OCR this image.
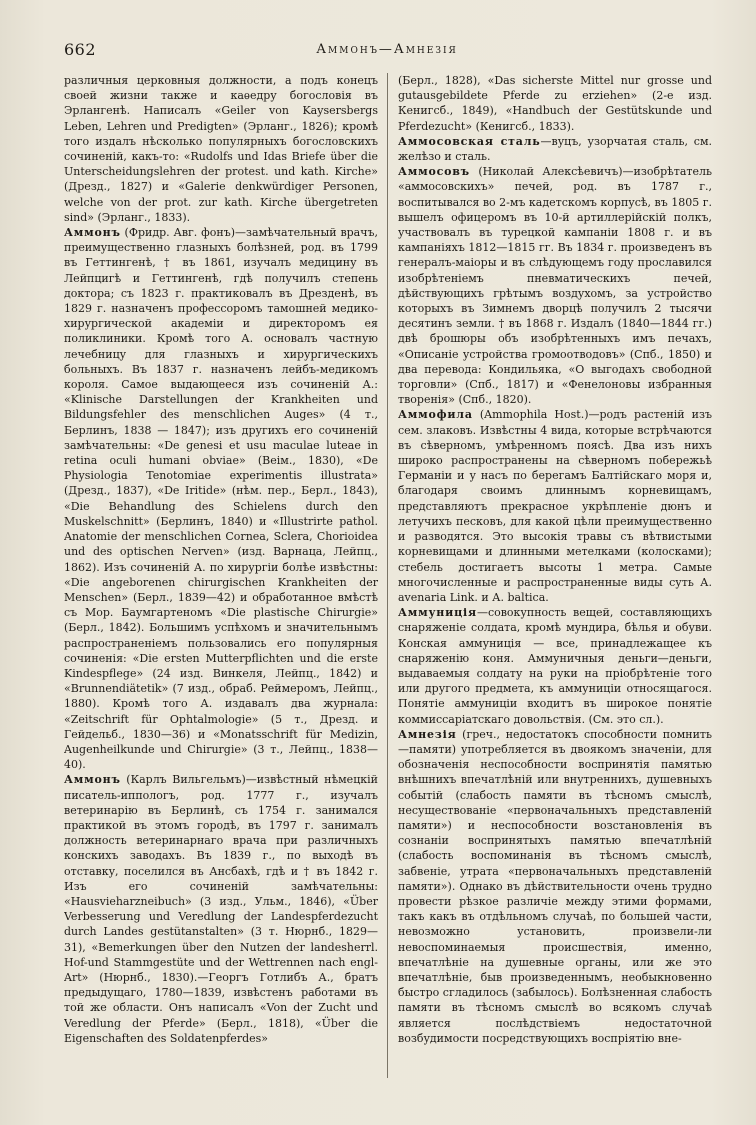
662	Аммонъ—Амнезія

различныя церковныя должности, а подъ конецъ своей жизни также и каѳедру богословія въ Эрлангенѣ. Написалъ «Geiler von Kaysersbergs Leben, Lehren und Predigten» (Эрланг., 1826); кромѣ того издалъ нѣсколько популярныхъ богословскихъ сочиненій, какъ-то: «Rudolfs und Idas Briefe über die Unterscheidungslehren der protest. und kath. Kirche» (Дрезд., 1827) и «Galerie denkwürdiger Personen, welche von der prot. zur kath. Kirche übergetreten sind» (Эрланг., 1833).

Аммонъ (Фридр. Авг. фонъ)—замѣчательный врачъ, преимущественно глазныхъ болѣзней, род. въ 1799 въ Геттингенѣ, † въ 1861, изучалъ медицину въ Лейпцигѣ и Геттингенѣ, гдѣ получилъ степень доктора; съ 1823 г. практиковалъ въ Дрезденѣ, въ 1829 г. назначенъ профессоромъ тамошней медико-хирургической академіи и директоромъ ея поликлиники. Кромѣ того А. основалъ частную лечебницу для глазныхъ и хирургическихъ больныхъ. Въ 1837 г. назначенъ лейбъ-медикомъ короля. Самое выдающееся изъ сочиненій А.: «Klinische Darstellungen der Krankheiten und Bildungsfehler des menschlichen Auges» (4 т., Берлинъ, 1838 — 1847); изъ другихъ его сочиненій замѣчательны: «De genesi et usu maculae luteae in retina oculi humani obviae» (Веім., 1830), «De Physiologia Tenotomiae experimentis illustrata» (Дрезд., 1837), «De Iritide» (нѣм. пер., Берл., 1843), «Die Behandlung des Schielens durch den Muskelschnitt» (Берлинъ, 1840) и «Illustrirte pathol. Anatomie der menschlichen Cornea, Sclera, Chorioidea und des optischen Nerven» (изд. Варнаца, Лейпц., 1862). Изъ сочиненій А. по хирургіи болѣе извѣстны: «Die angeborenen chirurgischen Krankheiten der Menschen» (Берл., 1839—42) и обработанное вмѣстѣ съ Мор. Баумгартеномъ «Die plastische Chirurgie» (Берл., 1842). Большимъ успѣхомъ и значительнымъ распространеніемъ пользовались его популярныя сочиненія: «Die ersten Mutterpflichten und die erste Kindespflege» (24 изд. Винкеля, Лейпц., 1842) и «Brunnendiätetik» (7 изд., обраб. Реймеромъ, Лейпц., 1880). Кромѣ того А. издавалъ два журнала: «Zeitschrift für Ophtalmologie» (5 т., Дрезд. и Гейдельб., 1830—36) и «Monatsschrift für Medizin, Augenheilkunde und Chirurgie» (3 т., Лейпц., 1838—40).

Аммонъ (Карлъ Вильгельмъ)—извѣстный нѣмецкій писатель-иппологъ, род. 1777 г., изучалъ ветеринарію въ Берлинѣ, съ 1754 г. занимался практикой въ этомъ городѣ, въ 1797 г. занималъ должность ветеринарнаго врача при различныхъ конскихъ заводахъ. Въ 1839 г., по выходѣ въ отставку, поселился въ Ансбахѣ, гдѣ и † въ 1842 г. Изъ его сочиненій замѣчательны: «Hausvieharzneibuch» (3 изд., Ульм., 1846), «Über Verbesserung und Veredlung der Landespferdezucht durch Landes gestütanstalten» (3 т. Нюрнб., 1829—31), «Bemerkungen über den Nutzen der landesherrl. Hof-und Stammgestüte und der Wettrennen nach engl-Art» (Нюрнб., 1830).—Георгъ Готлибъ А., братъ предыдущаго, 1780—1839, извѣстенъ работами въ той же области. Онъ написалъ «Von der Zucht und Veredlung der Pferde» (Берл., 1818), «Über die Eigenschaften des Soldatenpferdes»

(Берл., 1828), «Das sicherste Mittel nur grosse und gutausgebildete Pferde zu erziehen» (2-е изд. Кенигсб., 1849), «Handbuch der Gestütskunde und Pferdezucht» (Кенигсб., 1833).

Аммосовская сталь—вуцъ, узорчатая сталь, см. желѣзо и сталь.

Аммосовъ (Николай Алексѣевичъ)—изобрѣтатель «аммосовскихъ» печей, род. въ 1787 г., воспитывался во 2-мъ кадетскомъ корпусѣ, въ 1805 г. вышелъ офицеромъ въ 10-й артиллерійскій полкъ, участвовалъ въ турецкой кампаніи 1808 г. и въ кампаніяхъ 1812—1815 гг. Въ 1834 г. произведенъ въ генералъ-маіоры и въ слѣдующемъ году прославился изобрѣтеніемъ пневматическихъ печей, дѣйствующихъ грѣтымъ воздухомъ, за устройство которыхъ въ Зимнемъ дворцѣ получилъ 2 тысячи десятинъ земли. † въ 1868 г. Издалъ (1840—1844 гг.) двѣ брошюры объ изобрѣтенныхъ имъ печахъ, «Описаніе устройства громоотводовъ» (Спб., 1850) и два перевода: Кондильяка, «О выгодахъ свободной торговли» (Спб., 1817) и «Фенелоновы избранныя творенія» (Спб., 1820).

Аммофила (Ammophila Host.)—родъ растеній изъ сем. злаковъ. Извѣстны 4 вида, которые встрѣчаются въ сѣверномъ, умѣренномъ поясѣ. Два изъ нихъ широко распространены на сѣверномъ побережьѣ Германіи и у насъ по берегамъ Балтійскаго моря и, благодаря своимъ длиннымъ корневищамъ, представляютъ прекрасное укрѣпленіе дюнъ и летучихъ песковъ, для какой цѣли преимущественно и разводятся. Это высокія травы съ вѣтвистыми корневищами и длинными метелками (колосками); стебель достигаетъ высоты 1 метра. Самые многочисленные и распространенные виды суть А. avenaria Link. и А. baltica.

Аммуниція—совокупность вещей, составляющихъ снаряженіе солдата, кромѣ мундира, бѣлья и обуви. Конская аммуниція — все, принадлежащее къ снаряженію коня. Аммуничныя деньги—деньги, выдаваемыя солдату на руки на пріобрѣтеніе того или другого предмета, къ аммуниціи относящагося. Понятіе аммуниціи входитъ въ широкое понятіе коммиссаріатскаго довольствія. (См. это сл.).

Амнезія (греч., недостатокъ способности помнить—памяти) употребляется въ двоякомъ значеніи, для обозначенія неспособности воспринятія памятью внѣшнихъ впечатлѣній или внутреннихъ, душевныхъ событій (слабость памяти въ тѣсномъ смыслѣ, несуществованіе «первоначальныхъ представленій памяти») и неспособности возстановленія въ сознаніи воспринятыхъ памятью впечатлѣній (слабость воспоминанія въ тѣсномъ смыслѣ, забвеніе, утрата «первоначальныхъ представленій памяти»). Однако въ дѣйствительности очень трудно провести рѣзкое различіе между этими формами, такъ какъ въ отдѣльномъ случаѣ, по большей части, невозможно установить, произвели-ли невоспоминаемыя происшествія, именно, впечатлѣніе на душевные органы, или же это впечатлѣніе, быв произведеннымъ, необыкновенно быстро сгладилось (забылось). Болѣзненная слабость памяти въ тѣсномъ смыслѣ во всякомъ случаѣ является послѣдствіемъ недостаточной возбудимости посредствующихъ воспріятію вне-
